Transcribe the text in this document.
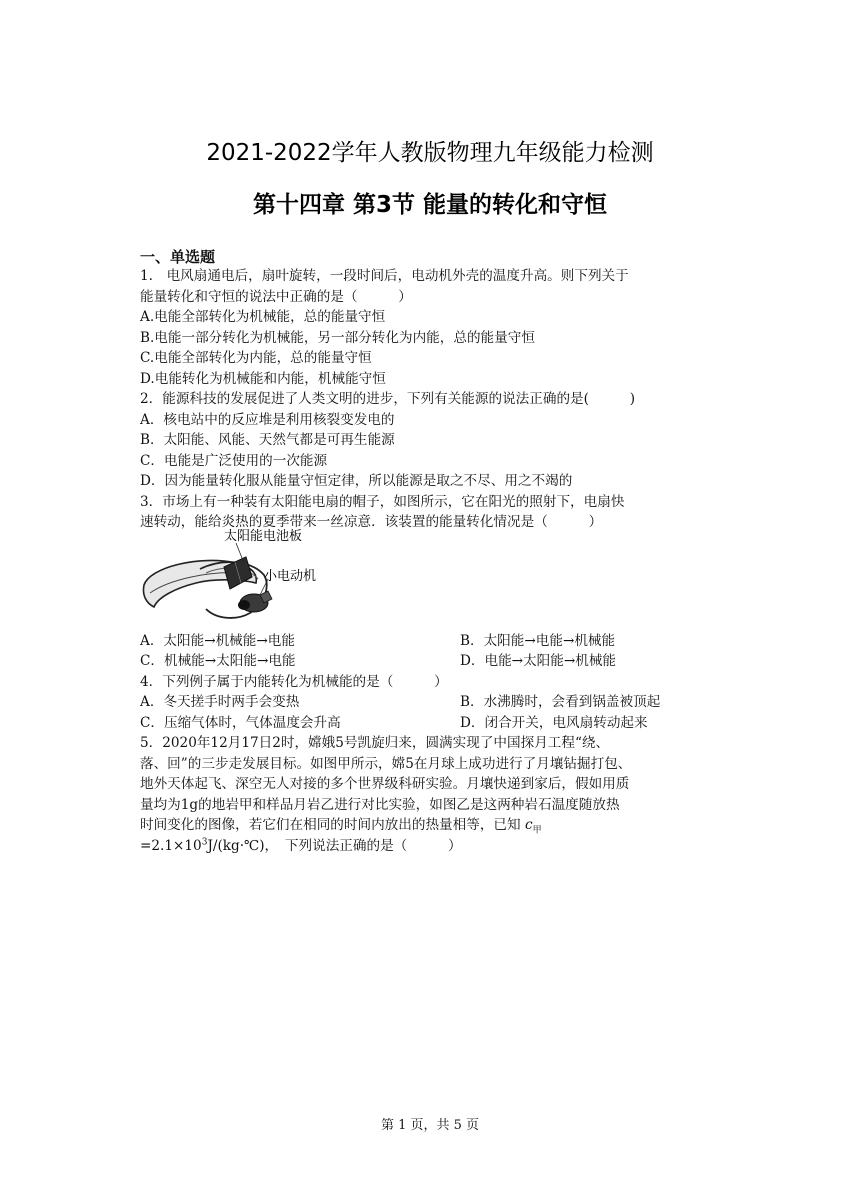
2021-2022学年人教版物理九年级能力检测
第十四章 第3节 能量的转化和守恒
一、单选题
1.　电风扇通电后，扇叶旋转，一段时间后，电动机外壳的温度升高。则下列关于
能量转化和守恒的说法中正确的是（　　　）
A.电能全部转化为机械能，总的能量守恒
B.电能一部分转化为机械能，另一部分转化为内能，总的能量守恒
C.电能全部转化为内能，总的能量守恒
D.电能转化为机械能和内能，机械能守恒
2．能源科技的发展促进了人类文明的进步，下列有关能源的说法正确的是(　　　)
A．核电站中的反应堆是利用核裂变发电的
B．太阳能、风能、天然气都是可再生能源
C．电能是广泛使用的一次能源
D．因为能量转化服从能量守恒定律，所以能源是取之不尽、用之不竭的
3．市场上有一种装有太阳能电扇的帽子，如图所示，它在阳光的照射下，电扇快
速转动，能给炎热的夏季带来一丝凉意．该装置的能量转化情况是（　　　）
太阳能电池板
小电动机
A．太阳能→机械能→电能	B．太阳能→电能→机械能
C．机械能→太阳能→电能	D．电能→太阳能→机械能
4．下列例子属于内能转化为机械能的是（　　　）
A．冬天搓手时两手会变热	B．水沸腾时，会看到锅盖被顶起
C．压缩气体时，气体温度会升高	D．闭合开关，电风扇转动起来
5．2020年12月17日2时，嫦娥5号凯旋归来，圆满实现了中国探月工程“绕、
落、回”的三步走发展目标。如图甲所示，嫦5在月球上成功进行了月壤钻掘打包、
地外天体起飞、深空无人对接的多个世界级科研实验。月壤快递到家后，假如用质
量均为1g的地岩甲和样品月岩乙进行对比实验，如图乙是这两种岩石温度随放热
时间变化的图像，若它们在相同的时间内放出的热量相等，已知 $c_甲$
$=2.1\times 10^3J/(kg\cdot℃)$，　下列说法正确的是（　　　）
第 1 页，共 5 页
